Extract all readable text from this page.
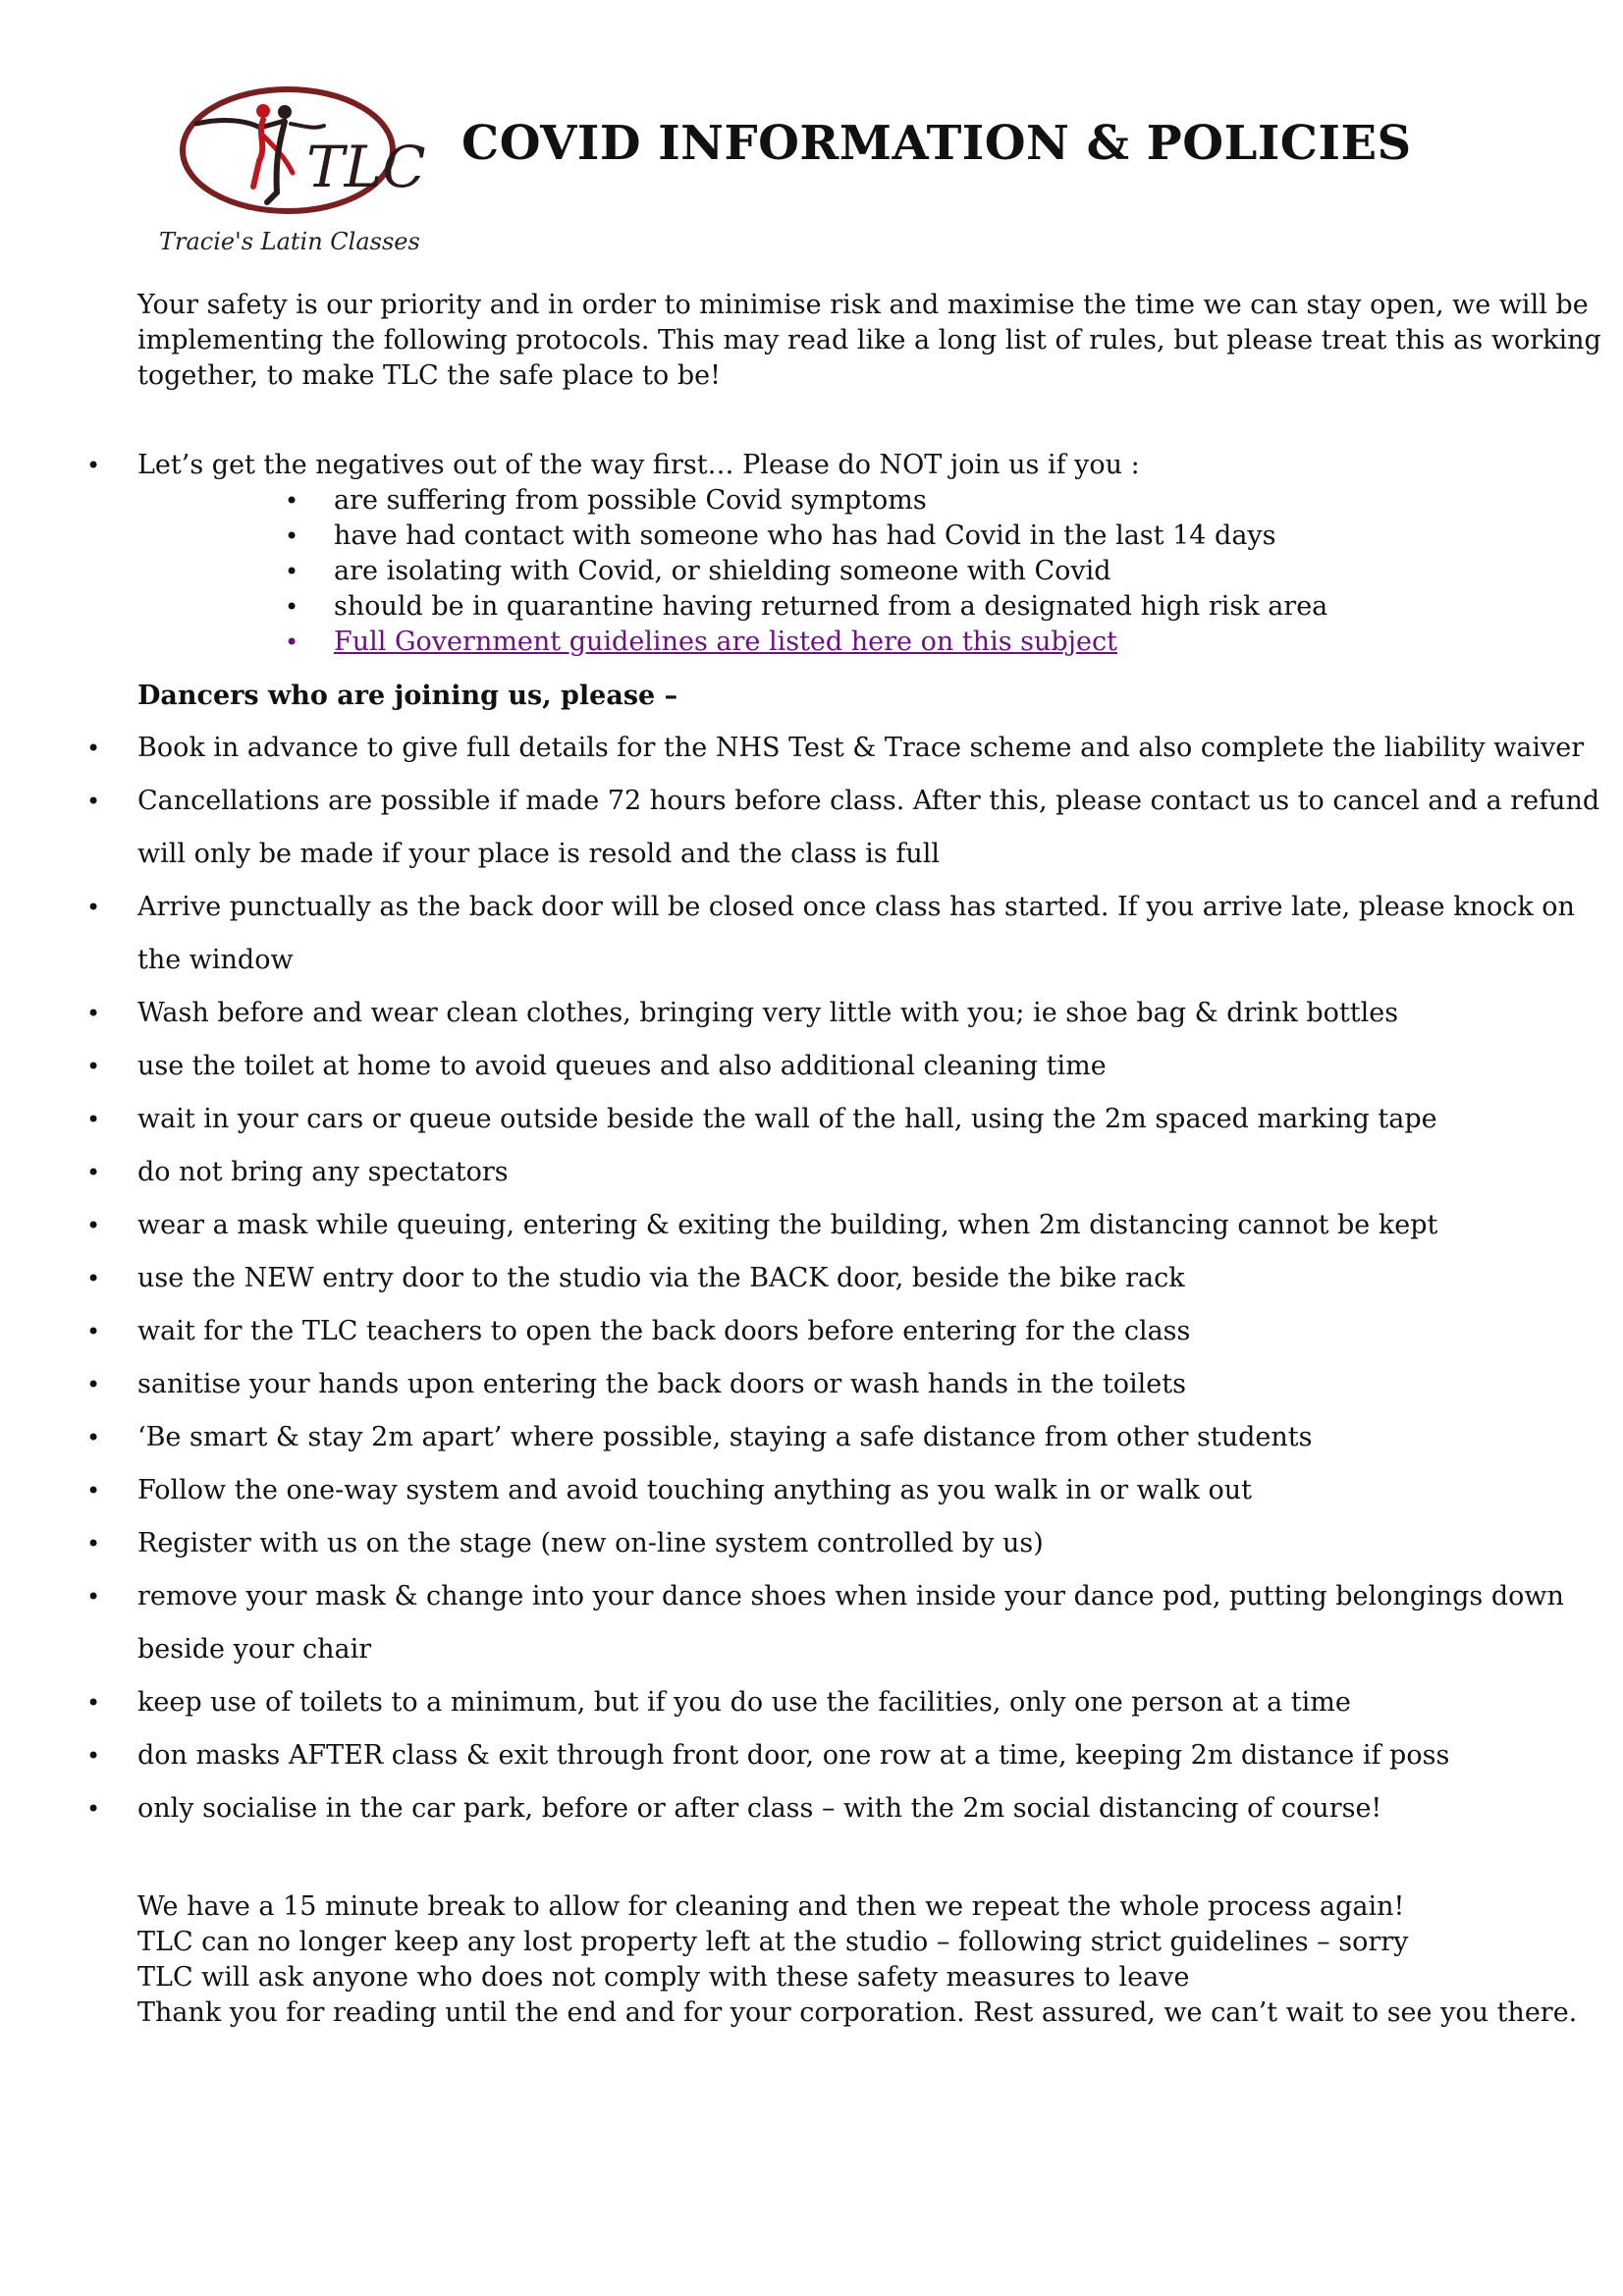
TLC
Tracie's Latin Classes
COVID INFORMATION & POLICIES
Your safety is our priority and in order to minimise risk and maximise the time we can stay open, we will be
implementing the following protocols. This may read like a long list of rules, but please treat this as working
together, to make TLC the safe place to be!
• Let’s get the negatives out of the way first… Please do NOT join us if you :
• are suffering from possible Covid symptoms
• have had contact with someone who has had Covid in the last 14 days
• are isolating with Covid, or shielding someone with Covid
• should be in quarantine having returned from a designated high risk area
• Full Government guidelines are listed here on this subject
Dancers who are joining us, please –
• Book in advance to give full details for the NHS Test & Trace scheme and also complete the liability waiver
• Cancellations are possible if made 72 hours before class. After this, please contact us to cancel and a refund
will only be made if your place is resold and the class is full
• Arrive punctually as the back door will be closed once class has started. If you arrive late, please knock on
the window
• Wash before and wear clean clothes, bringing very little with you; ie shoe bag & drink bottles
• use the toilet at home to avoid queues and also additional cleaning time
• wait in your cars or queue outside beside the wall of the hall, using the 2m spaced marking tape
• do not bring any spectators
• wear a mask while queuing, entering & exiting the building, when 2m distancing cannot be kept
• use the NEW entry door to the studio via the BACK door, beside the bike rack
• wait for the TLC teachers to open the back doors before entering for the class
• sanitise your hands upon entering the back doors or wash hands in the toilets
• ‘Be smart & stay 2m apart’ where possible, staying a safe distance from other students
• Follow the one-way system and avoid touching anything as you walk in or walk out
• Register with us on the stage (new on-line system controlled by us)
• remove your mask & change into your dance shoes when inside your dance pod, putting belongings down
beside your chair
• keep use of toilets to a minimum, but if you do use the facilities, only one person at a time
• don masks AFTER class & exit through front door, one row at a time, keeping 2m distance if poss
• only socialise in the car park, before or after class – with the 2m social distancing of course!
We have a 15 minute break to allow for cleaning and then we repeat the whole process again!
TLC can no longer keep any lost property left at the studio – following strict guidelines – sorry
TLC will ask anyone who does not comply with these safety measures to leave
Thank you for reading until the end and for your corporation. Rest assured, we can’t wait to see you there.
